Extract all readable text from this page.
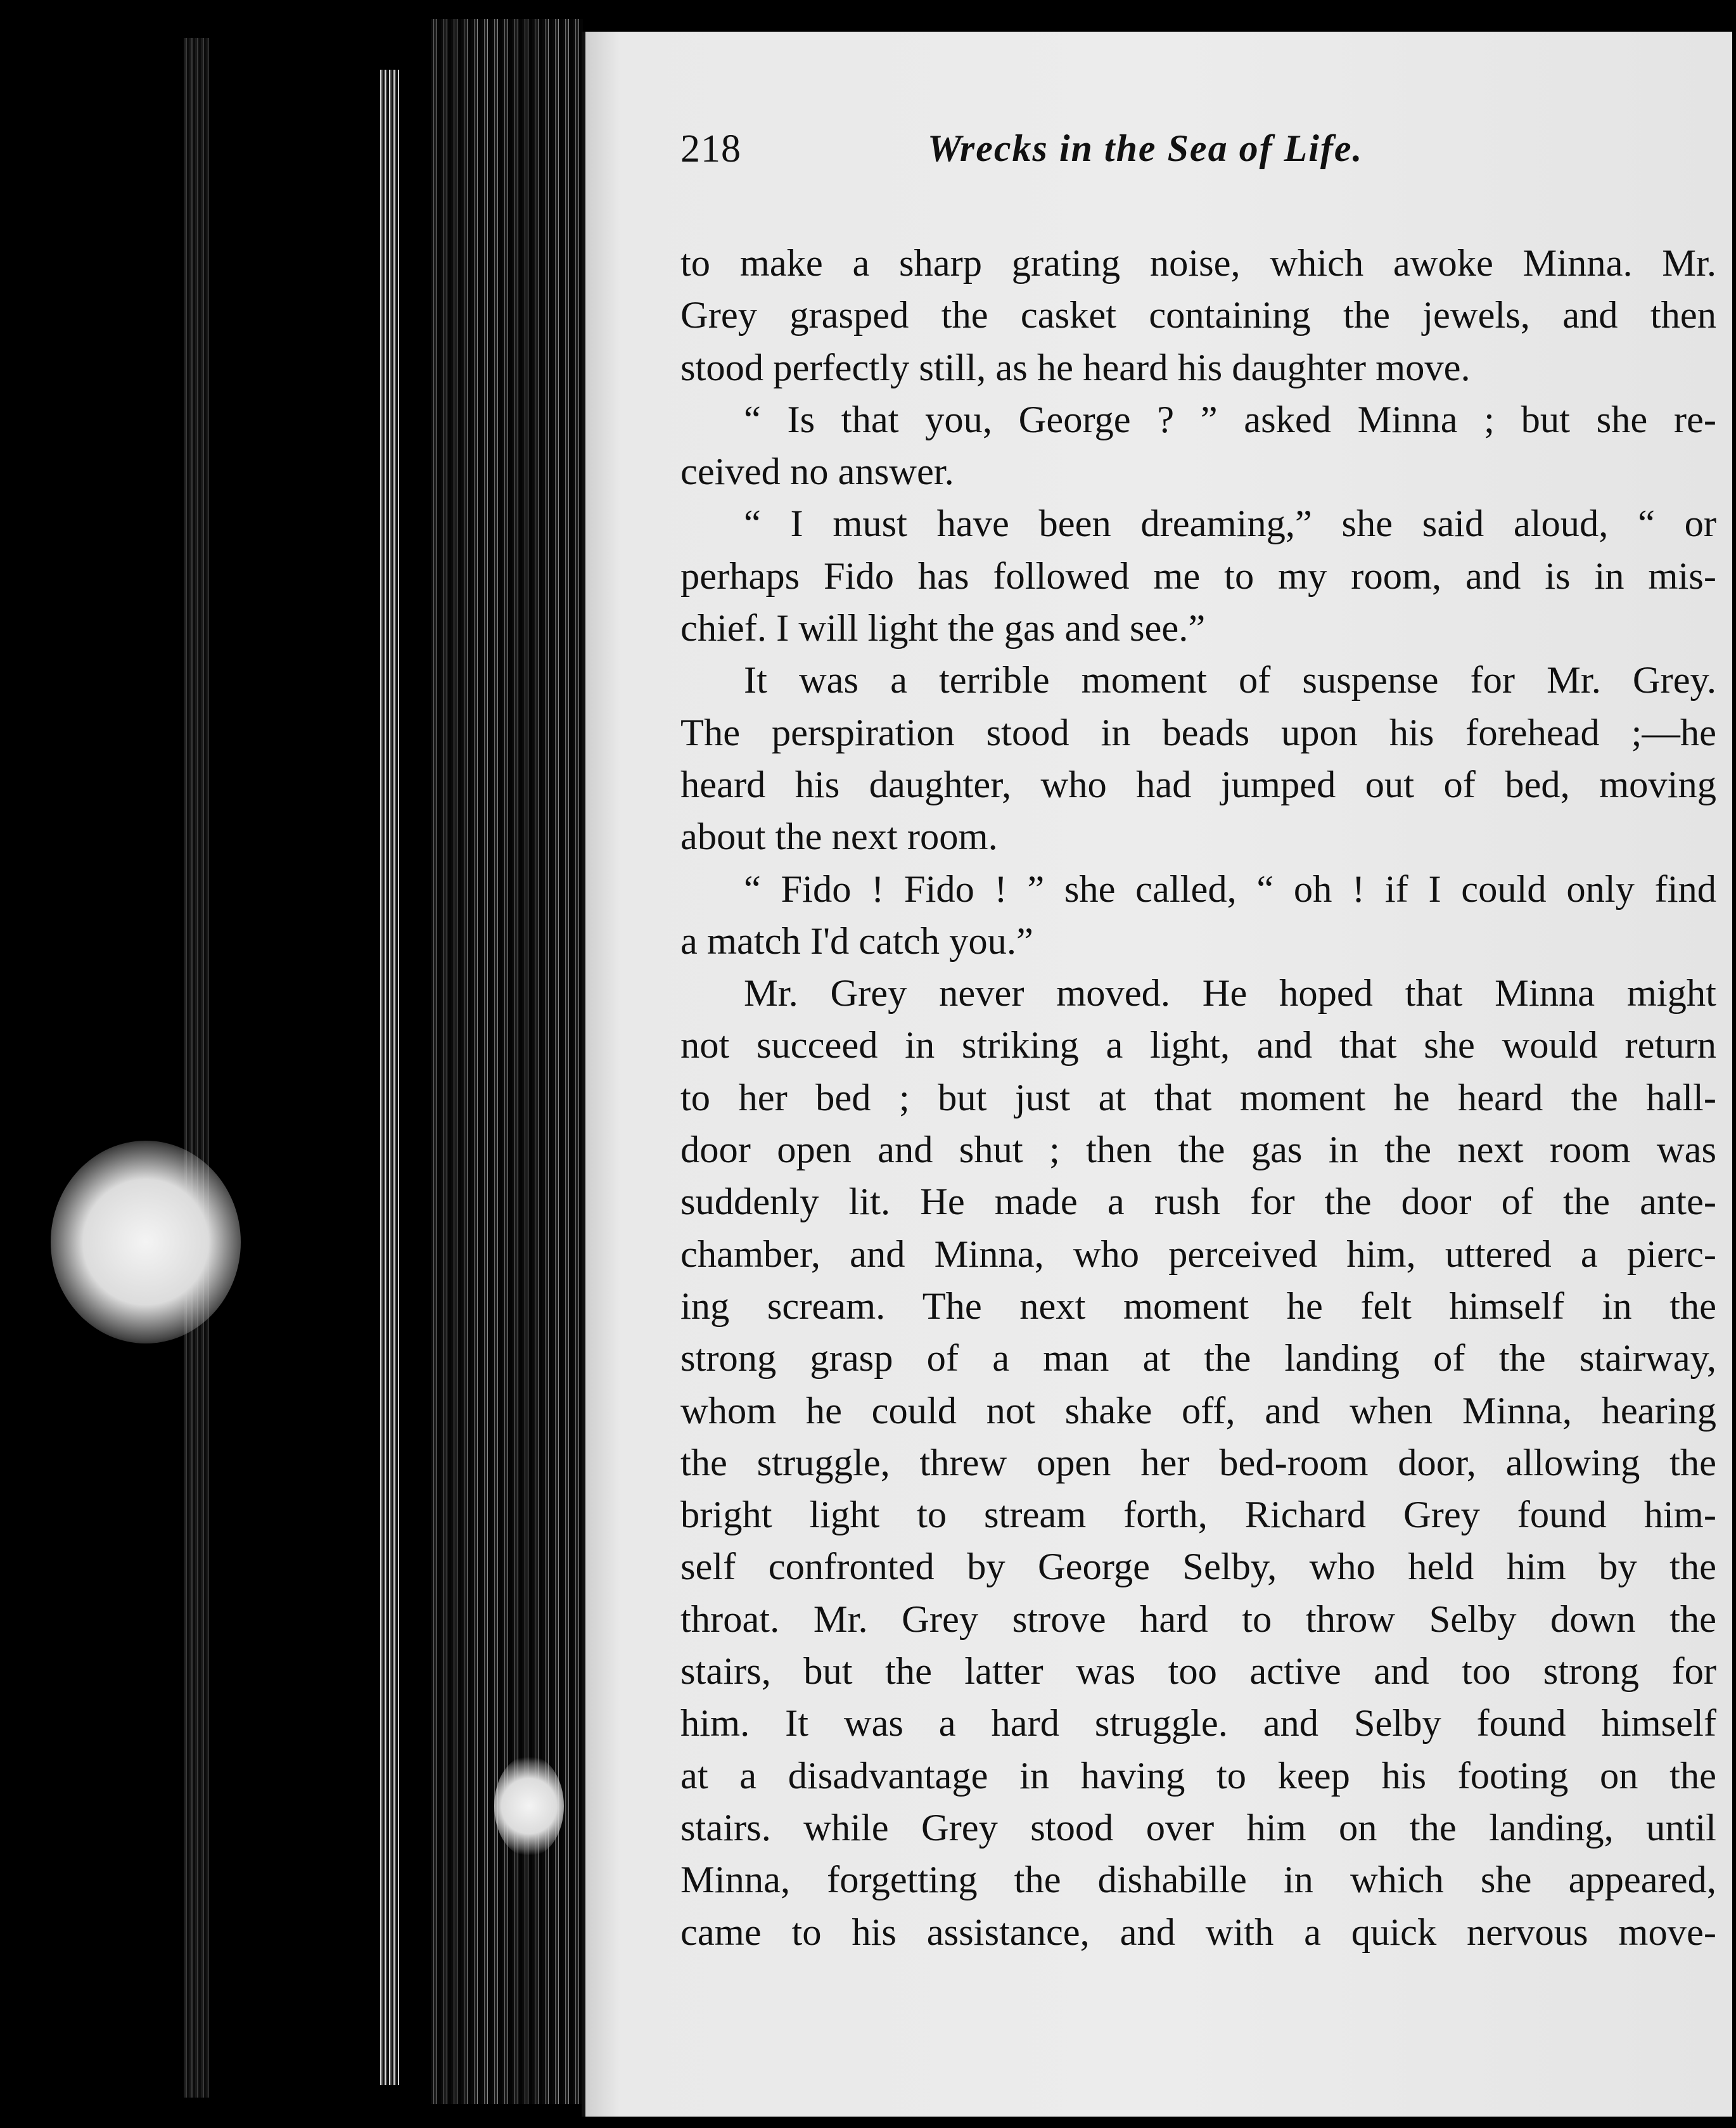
218	Wrecks in the Sea of Life.
to make a sharp grating noise, which awoke Minna. Mr.
Grey grasped the casket containing the jewels, and then
stood perfectly still, as he heard his daughter move.
“ Is that you, George ? ” asked Minna ; but she re-
ceived no answer.
“ I must have been dreaming,” she said aloud, “ or
perhaps Fido has followed me to my room, and is in mis-
chief. I will light the gas and see.”
It was a terrible moment of suspense for Mr. Grey.
The perspiration stood in beads upon his forehead ;—he
heard his daughter, who had jumped out of bed, moving
about the next room.
“ Fido ! Fido ! ” she called, “ oh ! if I could only find
a match I'd catch you.”
Mr. Grey never moved. He hoped that Minna might
not succeed in striking a light, and that she would return
to her bed ; but just at that moment he heard the hall-
door open and shut ; then the gas in the next room was
suddenly lit. He made a rush for the door of the ante-
chamber, and Minna, who perceived him, uttered a pierc-
ing scream. The next moment he felt himself in the
strong grasp of a man at the landing of the stairway,
whom he could not shake off, and when Minna, hearing
the struggle, threw open her bed-room door, allowing the
bright light to stream forth, Richard Grey found him-
self confronted by George Selby, who held him by the
throat. Mr. Grey strove hard to throw Selby down the
stairs, but the latter was too active and too strong for
him. It was a hard struggle. and Selby found himself
at a disadvantage in having to keep his footing on the
stairs. while Grey stood over him on the landing, until
Minna, forgetting the dishabille in which she appeared,
came to his assistance, and with a quick nervous move-
